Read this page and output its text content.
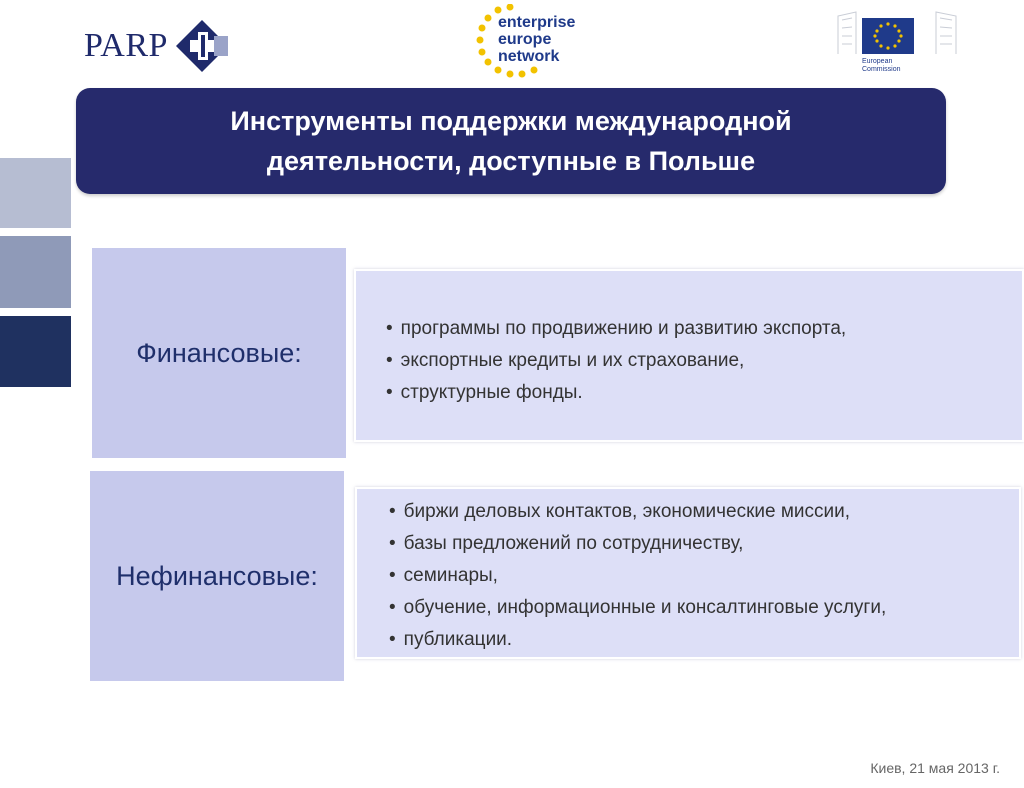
PARP
enterprise
europe
network	European
Commission
Инструменты поддержки международной
деятельности, доступные в Польше
Финансовые:
• программы по продвижению и развитию экспорта,
• экспортные кредиты и их страхование,
• структурные фонды.
Нефинансовые:
• биржи деловых контактов, экономические миссии,
• базы предложений по сотрудничеству,
• семинары,
• обучение, информационные и консалтинговые услуги,
• публикации.
Киев, 21 мая 2013 г.
